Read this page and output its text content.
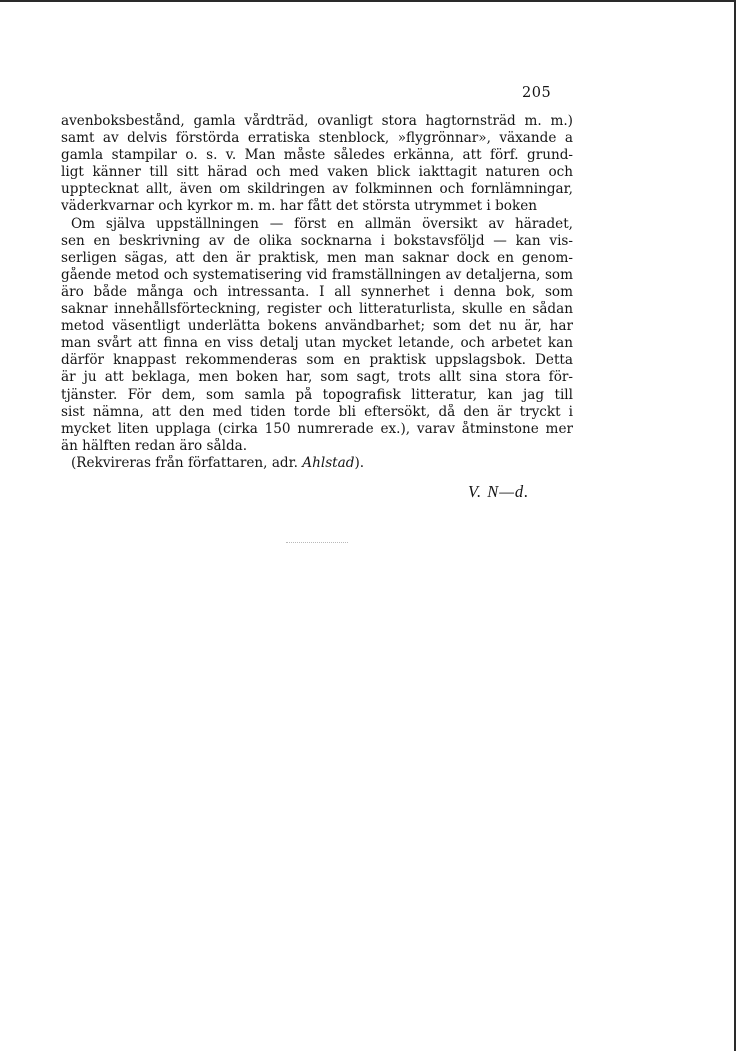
205
avenboksbestånd, gamla vårdträd, ovanligt stora hagtornsträd m. m.)
samt av delvis förstörda erratiska stenblock, »flygrönnar», växande a
gamla stampilar o. s. v. Man måste således erkänna, att förf. grund-
ligt känner till sitt härad och med vaken blick iakttagit naturen och
upptecknat allt, även om skildringen av folkminnen och fornlämningar,
väderkvarnar och kyrkor m. m. har fått det största utrymmet i boken
Om själva uppställningen — först en allmän översikt av häradet,
sen en beskrivning av de olika socknarna i bokstavsföljd — kan vis-
serligen sägas, att den är praktisk, men man saknar dock en genom-
gående metod och systematisering vid framställningen av detaljerna, som
äro både många och intressanta. I all synnerhet i denna bok, som
saknar innehållsförteckning, register och litteraturlista, skulle en sådan
metod väsentligt underlätta bokens användbarhet; som det nu är, har
man svårt att finna en viss detalj utan mycket letande, och arbetet kan
därför knappast rekommenderas som en praktisk uppslagsbok. Detta
är ju att beklaga, men boken har, som sagt, trots allt sina stora för-
tjänster. För dem, som samla på topografisk litteratur, kan jag till
sist nämna, att den med tiden torde bli eftersökt, då den är tryckt i
mycket liten upplaga (cirka 150 numrerade ex.), varav åtminstone mer
än hälften redan äro sålda.
(Rekvireras från författaren, adr. Ahlstad).
V. N—d.
